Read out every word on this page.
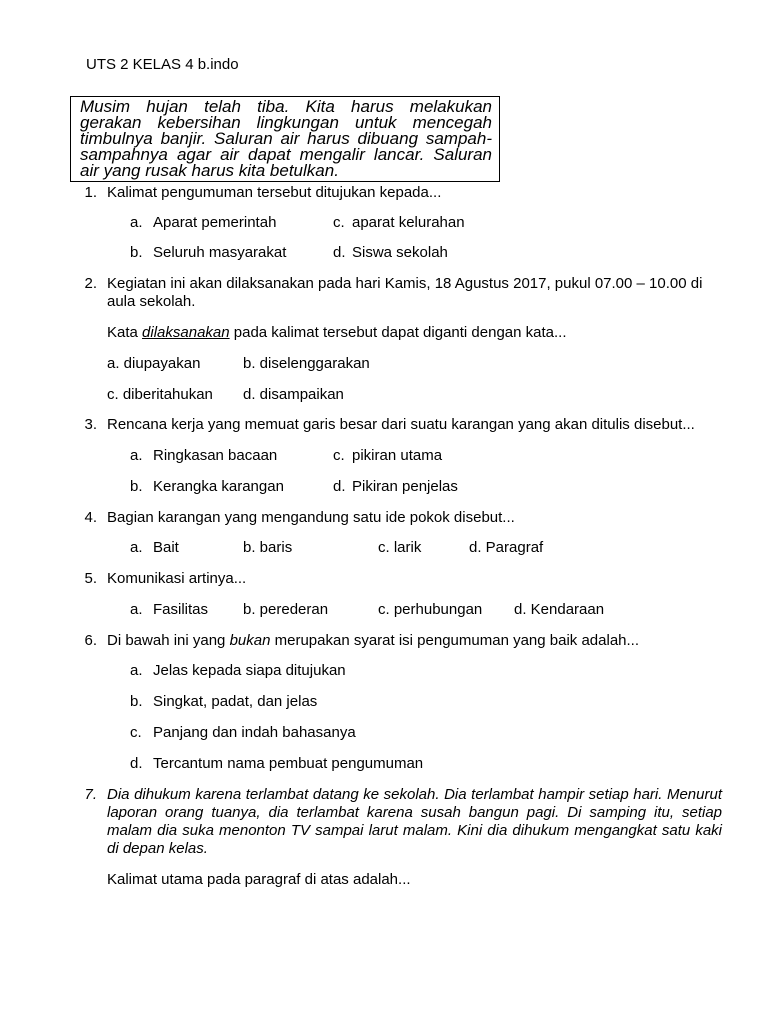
UTS 2 KELAS 4 b.indo
Musim hujan telah tiba. Kita harus melakukan
gerakan kebersihan lingkungan untuk mencegah
timbulnya banjir. Saluran air harus dibuang sampah-
sampahnya agar air dapat mengalir lancar. Saluran
air yang rusak harus kita betulkan.
1. Kalimat pengumuman tersebut ditujukan kepada...
a. Aparat pemerintah	c. aparat kelurahan
b. Seluruh masyarakat	d. Siswa sekolah
2. Kegiatan ini akan dilaksanakan pada hari Kamis, 18 Agustus 2017, pukul 07.00 – 10.00 di
aula sekolah.
Kata dilaksanakan pada kalimat tersebut dapat diganti dengan kata...
a. diupayakan	b. diselenggarakan
c. diberitahukan d. disampaikan
3. Rencana kerja yang memuat garis besar dari suatu karangan yang akan ditulis disebut...
a. Ringkasan bacaan	c. pikiran utama
b. Kerangka karangan	d. Pikiran penjelas
4. Bagian karangan yang mengandung satu ide pokok disebut...
a. Bait	b. baris	c. larik	d. Paragraf
5. Komunikasi artinya...
a. Fasilitas b. perederan	c. perhubungan d. Kendaraan
6. Di bawah ini yang bukan merupakan syarat isi pengumuman yang baik adalah...
a. Jelas kepada siapa ditujukan
b. Singkat, padat, dan jelas
c. Panjang dan indah bahasanya
d. Tercantum nama pembuat pengumuman
7. Dia dihukum karena terlambat datang ke sekolah. Dia terlambat hampir setiap hari. Menurut
laporan orang tuanya, dia terlambat karena susah bangun pagi. Di samping itu, setiap
malam dia suka menonton TV sampai larut malam. Kini dia dihukum mengangkat satu kaki
di depan kelas.
Kalimat utama pada paragraf di atas adalah...
